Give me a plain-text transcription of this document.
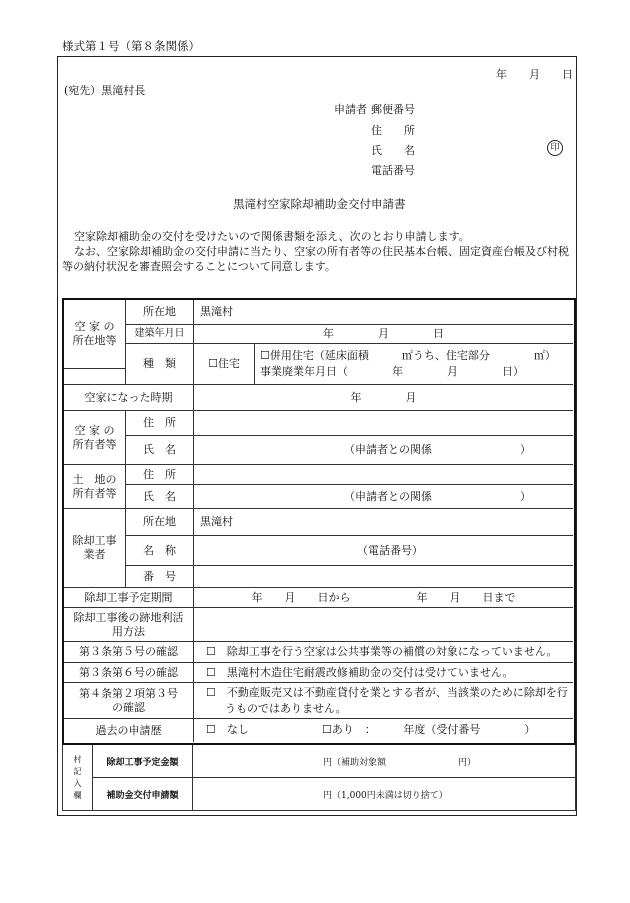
様式第１号（第８条関係）
年　　月　　日
(宛先）黒滝村長
申請者 郵便番号
住　　所
氏　　名	印
電話番号
黒滝村空家除却補助金交付申請書
空家除却補助金の交付を受けたいので関係書類を添え、次のとおり申請します。
なお、空家除却補助金の交付申請に当たり、空家の所有者等の住民基本台帳、固定資産台帳及び村税等の納付状況を審査照会することについて同意します。
空 家 の
所在地等
所在地	黒滝村
建築年月日	年　　　　月　　　　日
種　類	☐住宅
☐併用住宅（延床面積　　　㎡うち、住宅部分　　　　㎡）
事業廃業年月日（　　　　年　　　　月　　　　日）
空家になった時期	年　　　　月
空 家 の
所有者等
住　所
氏　名	（申請者との関係　　　　　　　　）
土　地の
所有者等
住　所
氏　名	（申請者との関係　　　　　　　　）
除却工事
業者
所在地	黒滝村
名　称	（電話番号）
番　号
除却工事予定期間	年　　月　　日から　　　　　　年　　月　　日まで
除却工事後の跡地利活
用方法
第３条第５号の確認	☐　除却工事を行う空家は公共事業等の補償の対象になっていません。
第３条第６号の確認	☐　黒滝村木造住宅耐震改修補助金の交付は受けていません。
第４条第２項第３号
の確認
☐　不動産販売又は不動産貸付を業とする者が、当該業のために除却を行
うものではありません。
過去の申請歴	☐　なし	☐あり　：　　　年度（受付番号　　　　）
村記入欄
除却工事予定金額	円（補助対象額　　　　　　　　円）
補助金交付申請額	円（1,000円未満は切り捨て）
